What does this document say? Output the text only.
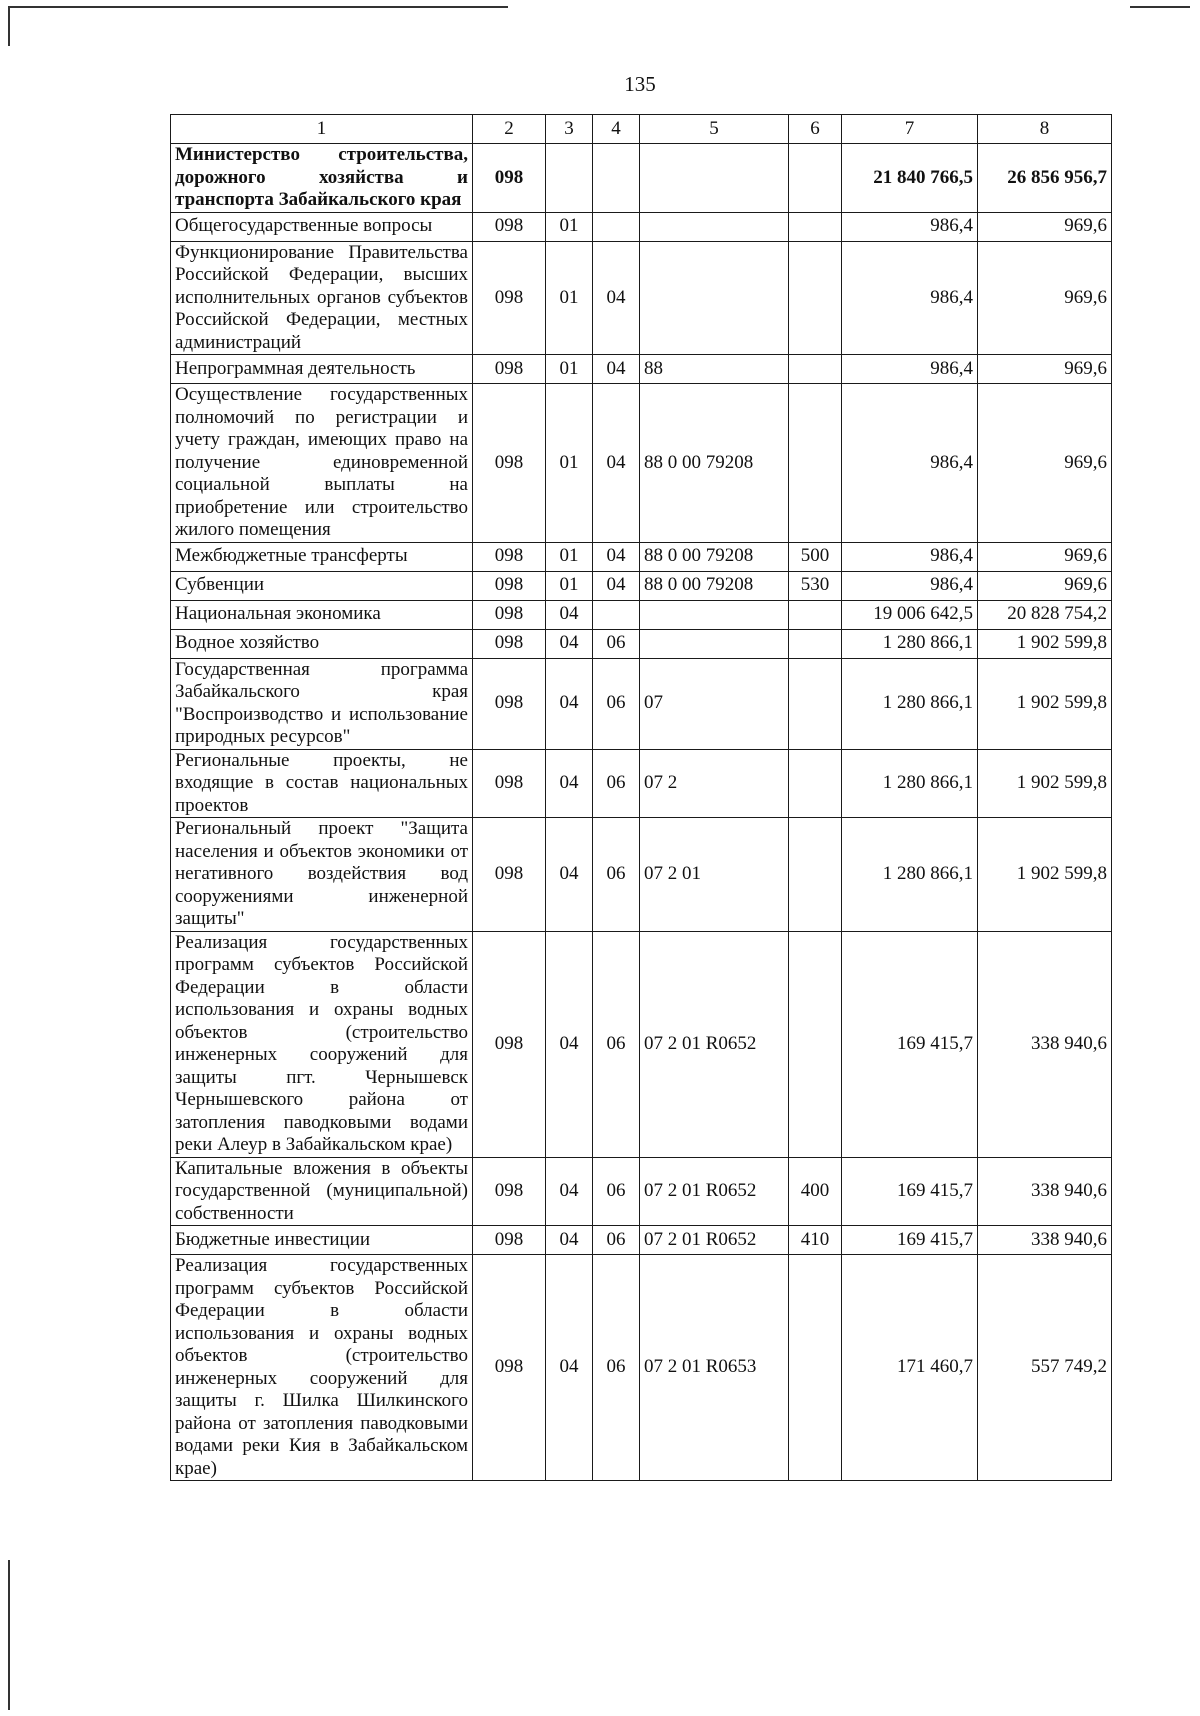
135
1	2	3	4	5	6	7	8
Министерство строительства, дорожного хозяйства и транспорта Забайкальского края	098					21 840 766,5	26 856 956,7
Общегосударственные вопросы	098	01				986,4	969,6
Функционирование Правительства Российской Федерации, высших исполнительных органов субъектов Российской Федерации, местных администраций	098	01	04			986,4	969,6
Непрограммная деятельность	098	01	04	88		986,4	969,6
Осуществление государственных полномочий по регистрации и учету граждан, имеющих право на получение единовременной социальной выплаты на приобретение или строительство жилого помещения	098	01	04	88 0 00 79208		986,4	969,6
Межбюджетные трансферты	098	01	04	88 0 00 79208	500	986,4	969,6
Субвенции	098	01	04	88 0 00 79208	530	986,4	969,6
Национальная экономика	098	04				19 006 642,5	20 828 754,2
Водное хозяйство	098	04	06			1 280 866,1	1 902 599,8
Государственная программа Забайкальского края "Воспроизводство и использование природных ресурсов"	098	04	06	07		1 280 866,1	1 902 599,8
Региональные проекты, не входящие в состав национальных проектов	098	04	06	07 2		1 280 866,1	1 902 599,8
Региональный проект "Защита населения и объектов экономики от негативного воздействия вод сооружениями инженерной защиты"	098	04	06	07 2 01		1 280 866,1	1 902 599,8
Реализация государственных программ субъектов Российской Федерации в области использования и охраны водных объектов (строительство инженерных сооружений для защиты пгт. Чернышевск Чернышевского района от затопления паводковыми водами реки Алеур в Забайкальском крае)	098	04	06	07 2 01 R0652		169 415,7	338 940,6
Капитальные вложения в объекты государственной (муниципальной) собственности	098	04	06	07 2 01 R0652	400	169 415,7	338 940,6
Бюджетные инвестиции	098	04	06	07 2 01 R0652	410	169 415,7	338 940,6
Реализация государственных программ субъектов Российской Федерации в области использования и охраны водных объектов (строительство инженерных сооружений для защиты г. Шилка Шилкинского района от затопления паводковыми водами реки Кия в Забайкальском крае)	098	04	06	07 2 01 R0653		171 460,7	557 749,2
